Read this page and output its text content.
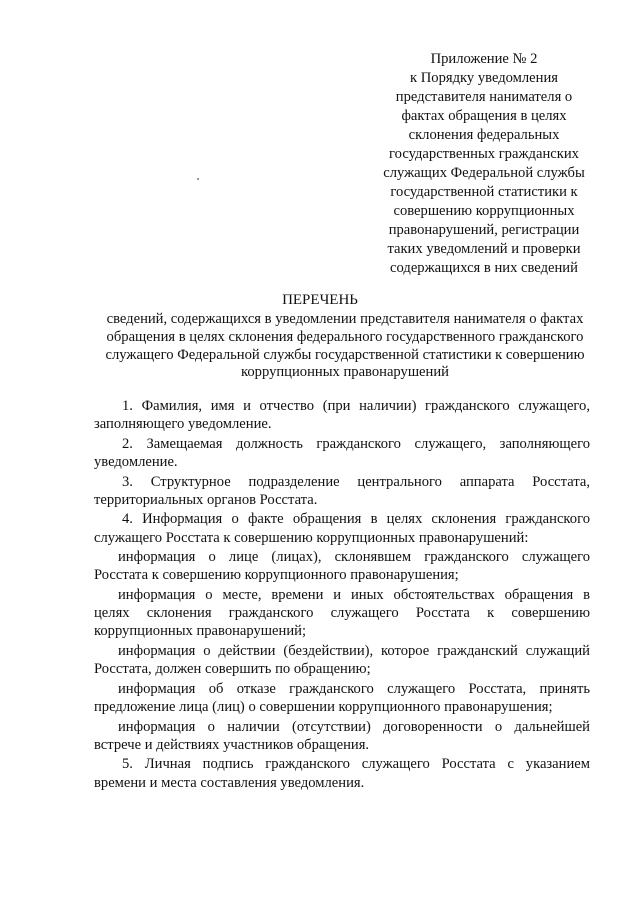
Приложение № 2
к Порядку уведомления
представителя нанимателя о
фактах обращения в целях
склонения федеральных
государственных гражданских
служащих Федеральной службы
государственной статистики к
совершению коррупционных
правонарушений, регистрации
таких уведомлений и проверки
содержащихся в них сведений
ПЕРЕЧЕНЬ
сведений, содержащихся в уведомлении представителя нанимателя о фактах
обращения в целях склонения федерального государственного гражданского
служащего Федеральной службы государственной статистики к совершению
коррупционных правонарушений
1. Фамилия, имя и отчество (при наличии) гражданского служащего,
заполняющего уведомление.
2. Замещаемая должность гражданского служащего, заполняющего
уведомление.
3. Структурное подразделение центрального аппарата Росстата,
территориальных органов Росстата.
4. Информация о факте обращения в целях склонения гражданского
служащего Росстата к совершению коррупционных правонарушений:
информация о лице (лицах), склонявшем гражданского служащего
Росстата к совершению коррупционного правонарушения;
информация о месте, времени и иных обстоятельствах обращения в
целях склонения гражданского служащего Росстата к совершению
коррупционных правонарушений;
информация о действии (бездействии), которое гражданский служащий
Росстата, должен совершить по обращению;
информация об отказе гражданского служащего Росстата, принять
предложение лица (лиц) о совершении коррупционного правонарушения;
информация о наличии (отсутствии) договоренности о дальнейшей
встрече и действиях участников обращения.
5. Личная подпись гражданского служащего Росстата с указанием
времени и места составления уведомления.
